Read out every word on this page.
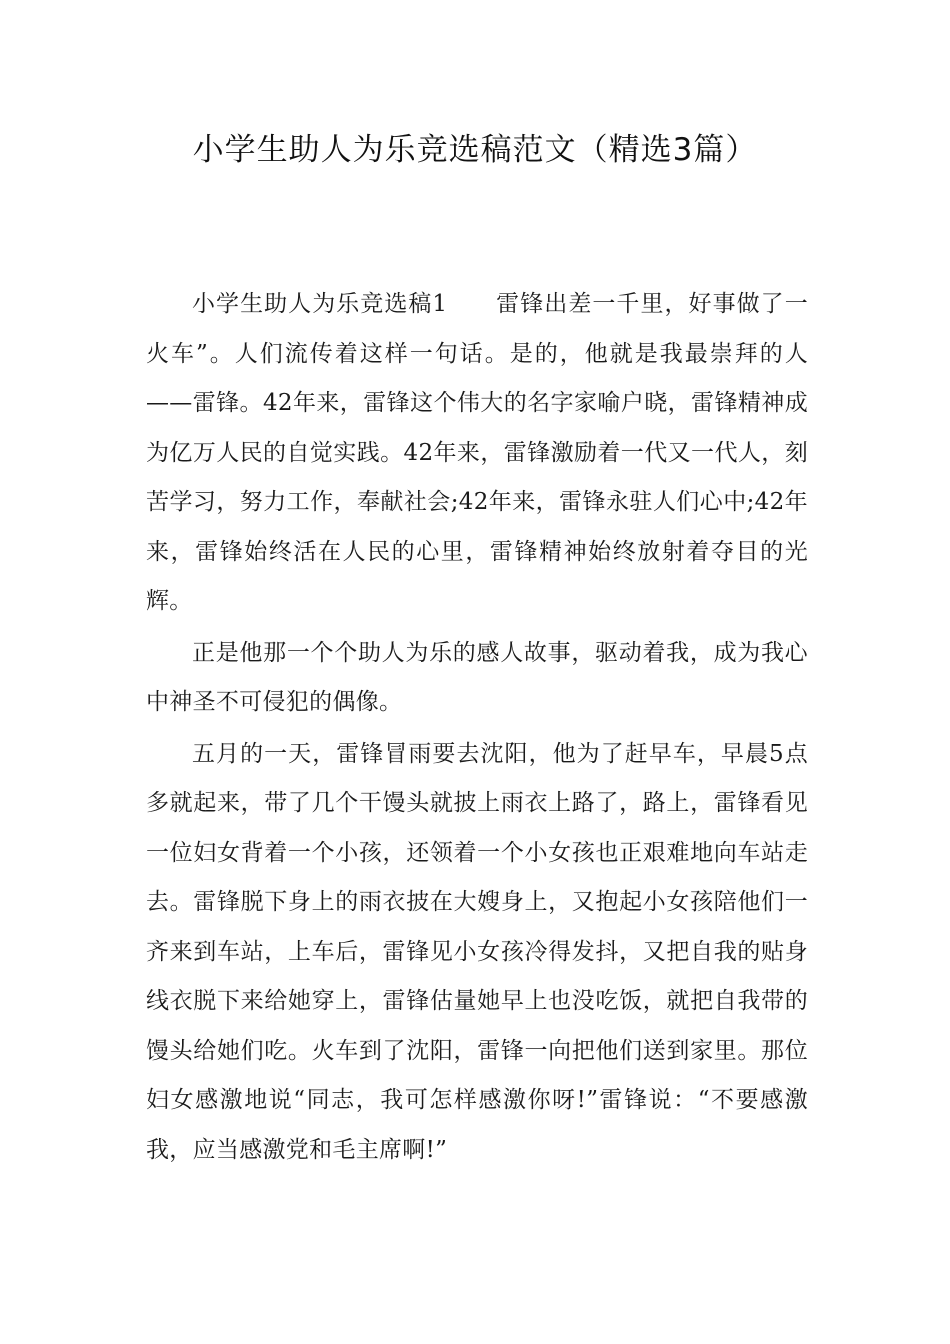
小学生助人为乐竞选稿范文（精选3篇）

小学生助人为乐竞选稿1　　雷锋出差一千里，好事做了一火车”。人们流传着这样一句话。是的，他就是我最崇拜的人——雷锋。42年来，雷锋这个伟大的名字家喻户晓，雷锋精神成为亿万人民的自觉实践。42年来，雷锋激励着一代又一代人，刻苦学习，努力工作，奉献社会;42年来，雷锋永驻人们心中;42年来，雷锋始终活在人民的心里，雷锋精神始终放射着夺目的光辉。

正是他那一个个助人为乐的感人故事，驱动着我，成为我心中神圣不可侵犯的偶像。

五月的一天，雷锋冒雨要去沈阳，他为了赶早车，早晨5点多就起来，带了几个干馒头就披上雨衣上路了，路上，雷锋看见一位妇女背着一个小孩，还领着一个小女孩也正艰难地向车站走去。雷锋脱下身上的雨衣披在大嫂身上，又抱起小女孩陪他们一齐来到车站，上车后，雷锋见小女孩冷得发抖，又把自我的贴身线衣脱下来给她穿上，雷锋估量她早上也没吃饭，就把自我带的馒头给她们吃。火车到了沈阳，雷锋一向把他们送到家里。那位妇女感激地说“同志，我可怎样感激你呀!”雷锋说：“不要感激我，应当感激党和毛主席啊!”
